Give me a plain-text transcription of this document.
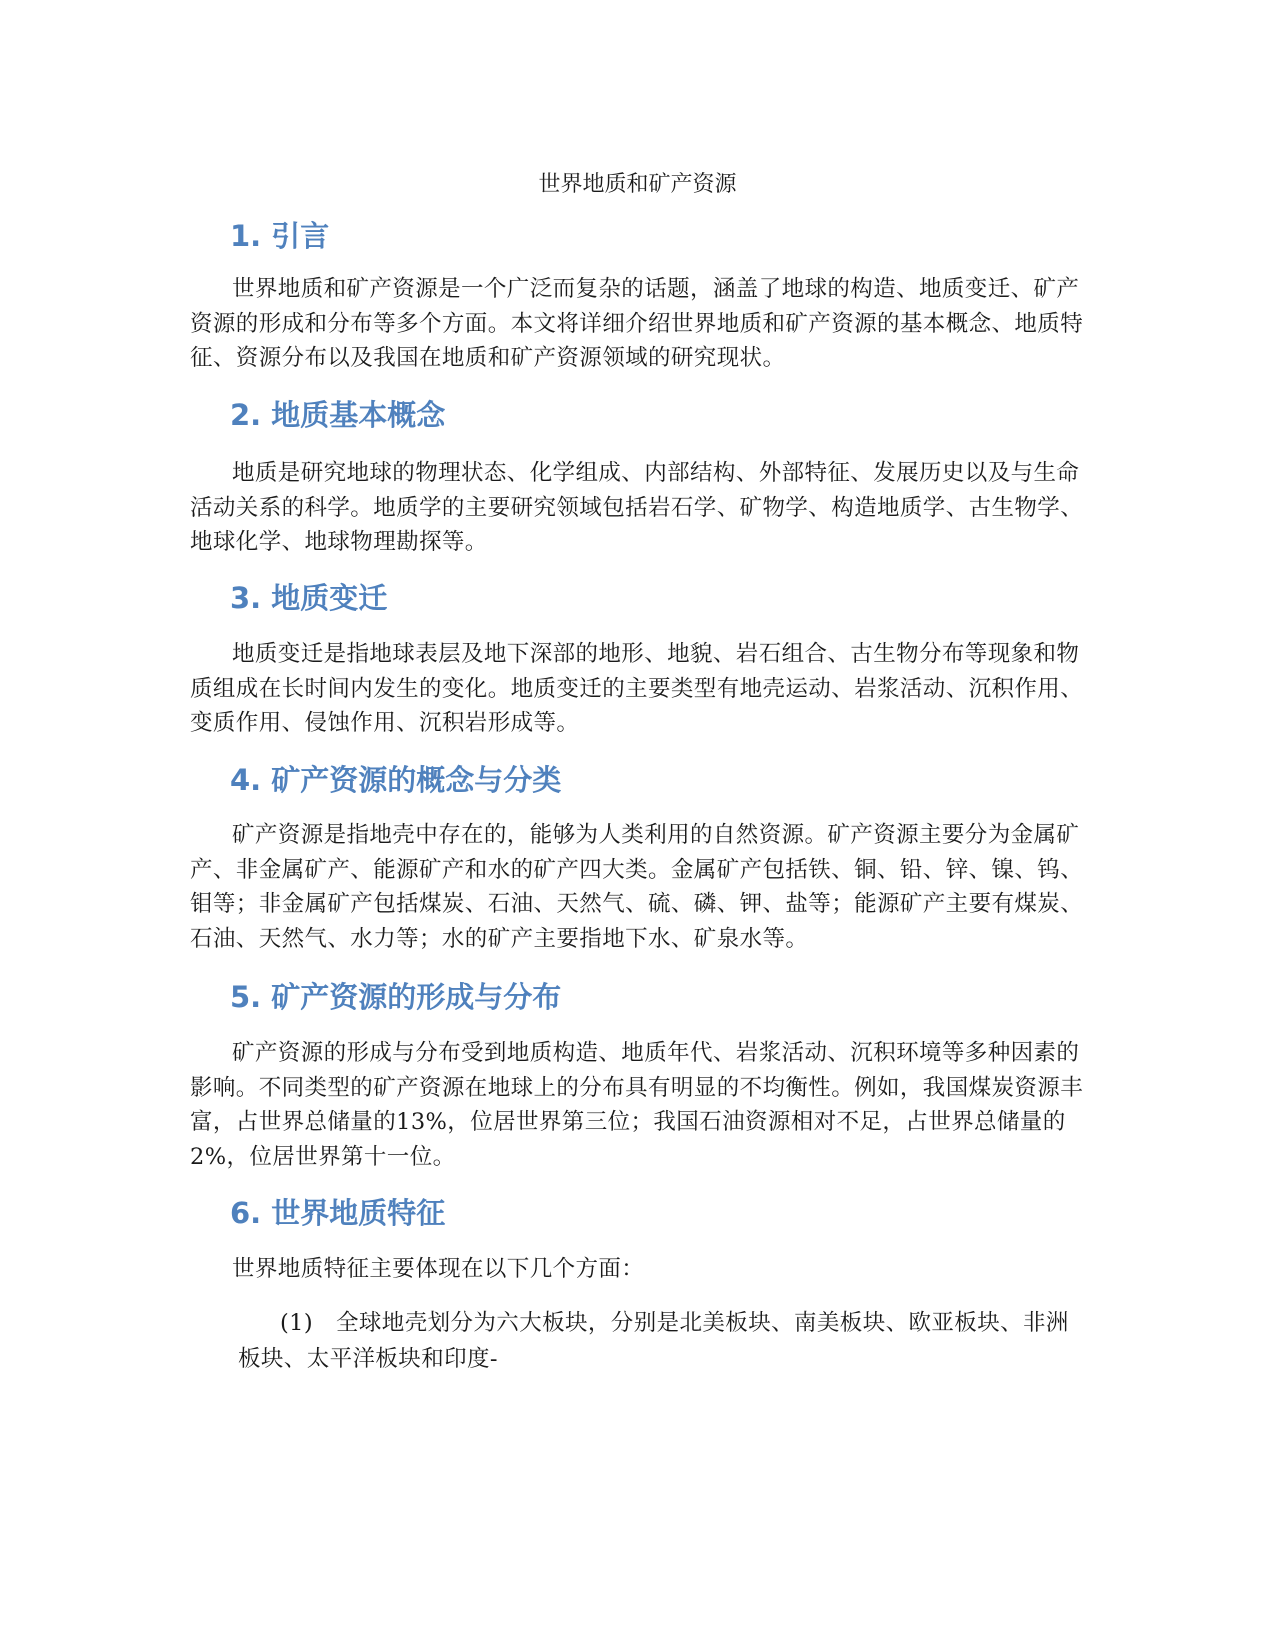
世界地质和矿产资源
1. 引言

世界地质和矿产资源是一个广泛而复杂的话题，涵盖了地球的构造、地质变迁、矿产资源的形成和分布等多个方面。本文将详细介绍世界地质和矿产资源的基本概念、地质特征、资源分布以及我国在地质和矿产资源领域的研究现状。

2. 地质基本概念

地质是研究地球的物理状态、化学组成、内部结构、外部特征、发展历史以及与生命活动关系的科学。地质学的主要研究领域包括岩石学、矿物学、构造地质学、古生物学、地球化学、地球物理勘探等。

3. 地质变迁

地质变迁是指地球表层及地下深部的地形、地貌、岩石组合、古生物分布等现象和物质组成在长时间内发生的变化。地质变迁的主要类型有地壳运动、岩浆活动、沉积作用、变质作用、侵蚀作用、沉积岩形成等。

4. 矿产资源的概念与分类

矿产资源是指地壳中存在的，能够为人类利用的自然资源。矿产资源主要分为金属矿产、非金属矿产、能源矿产和水的矿产四大类。金属矿产包括铁、铜、铅、锌、镍、钨、钼等；非金属矿产包括煤炭、石油、天然气、硫、磷、钾、盐等；能源矿产主要有煤炭、石油、天然气、水力等；水的矿产主要指地下水、矿泉水等。

5. 矿产资源的形成与分布

矿产资源的形成与分布受到地质构造、地质年代、岩浆活动、沉积环境等多种因素的影响。不同类型的矿产资源在地球上的分布具有明显的不均衡性。例如，我国煤炭资源丰富，占世界总储量的13%，位居世界第三位；我国石油资源相对不足，占世界总储量的2%，位居世界第十一位。

6. 世界地质特征

世界地质特征主要体现在以下几个方面：

(1) 全球地壳划分为六大板块，分别是北美板块、南美板块、欧亚板块、非洲板块、太平洋板块和印度-
